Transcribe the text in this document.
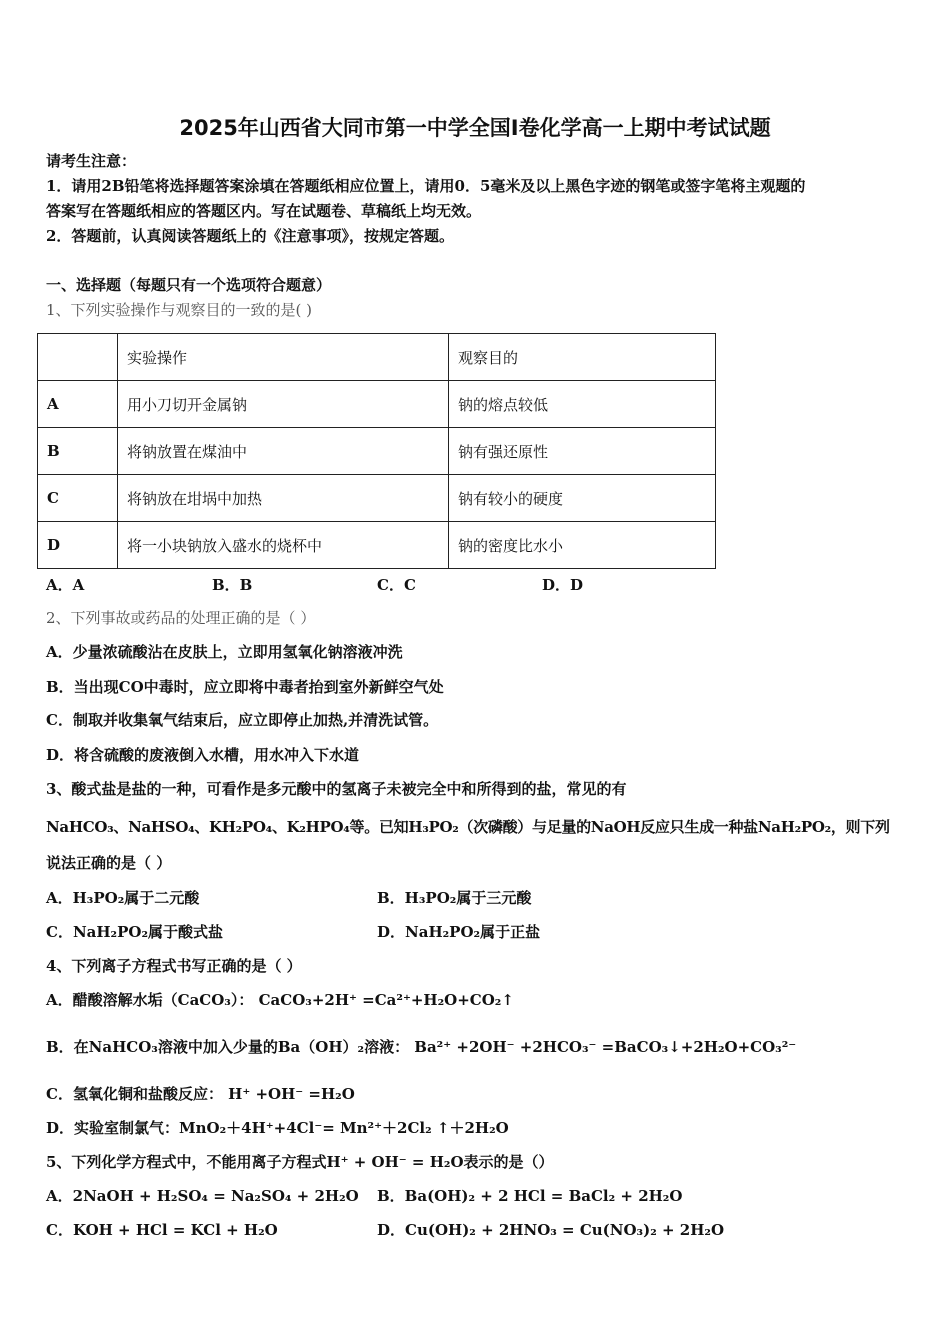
2025年山西省大同市第一中学全国Ⅰ卷化学高一上期中考试试题
请考生注意：
1．请用2B铅笔将选择题答案涂填在答题纸相应位置上，请用0．5毫米及以上黑色字迹的钢笔或签字笔将主观题的
答案写在答题纸相应的答题区内。写在试题卷、草稿纸上均无效。
2．答题前，认真阅读答题纸上的《注意事项》，按规定答题。
一、选择题（每题只有一个选项符合题意）
1、下列实验操作与观察目的一致的是( )
	实验操作	观察目的
A	用小刀切开金属钠	钠的熔点较低
B	将钠放置在煤油中	钠有强还原性
C	将钠放在坩埚中加热	钠有较小的硬度
D	将一小块钠放入盛水的烧杯中	钠的密度比水小
A．A	B．B	C．C	D．D
2、下列事故或药品的处理正确的是（ ）
A．少量浓硫酸沾在皮肤上，立即用氢氧化钠溶液冲洗
B．当出现CO中毒时，应立即将中毒者抬到室外新鲜空气处
C．制取并收集氧气结束后，应立即停止加热,并清洗试管。
D．将含硫酸的废液倒入水槽，用水冲入下水道
3、酸式盐是盐的一种，可看作是多元酸中的氢离子未被完全中和所得到的盐，常见的有
NaHCO₃、NaHSO₄、KH₂PO₄、K₂HPO₄等。已知H₃PO₂（次磷酸）与足量的NaOH反应只生成一种盐NaH₂PO₂，则下列
说法正确的是（ ）
A．H₃PO₂属于二元酸	B．H₃PO₂属于三元酸
C．NaH₂PO₂属于酸式盐	D．NaH₂PO₂属于正盐
4、下列离子方程式书写正确的是（ ）
A．醋酸溶解水垢（CaCO₃）： CaCO₃+2H⁺ =Ca²⁺+H₂O+CO₂↑
B．在NaHCO₃溶液中加入少量的Ba（OH）₂溶液： Ba²⁺ +2OH⁻ +2HCO₃⁻ =BaCO₃↓+2H₂O+CO₃²⁻
C．氢氧化铜和盐酸反应： H⁺ +OH⁻ =H₂O
D．实验室制氯气：MnO₂＋4H⁺+4Cl⁻= Mn²⁺＋2Cl₂ ↑＋2H₂O
5、下列化学方程式中，不能用离子方程式H⁺ + OH⁻ = H₂O表示的是（）
A．2NaOH + H₂SO₄ = Na₂SO₄ + 2H₂O B．Ba(OH)₂ + 2 HCl = BaCl₂ + 2H₂O
C．KOH + HCl = KCl + H₂O	D．Cu(OH)₂ + 2HNO₃ = Cu(NO₃)₂ + 2H₂O
